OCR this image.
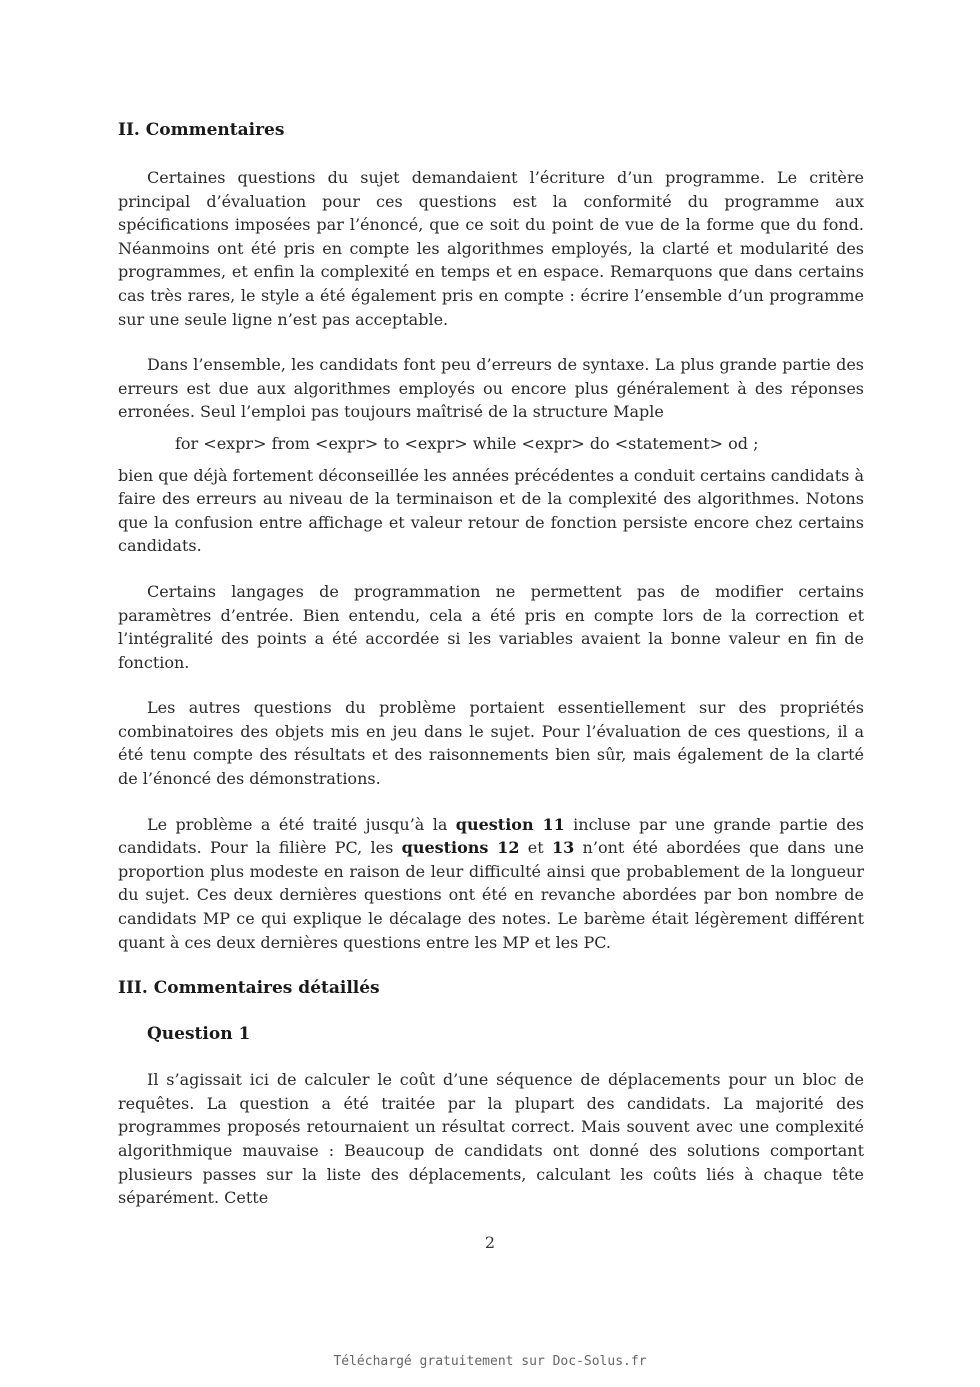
II. Commentaires

Certaines questions du sujet demandaient l’écriture d’un programme. Le critère principal d’évaluation pour ces questions est la conformité du programme aux spécifications imposées par l’énoncé, que ce soit du point de vue de la forme que du fond. Néanmoins ont été pris en compte les algorithmes employés, la clarté et modularité des programmes, et enfin la complexité en temps et en espace. Remarquons que dans certains cas très rares, le style a été également pris en compte : écrire l’ensemble d’un programme sur une seule ligne n’est pas acceptable.

Dans l’ensemble, les candidats font peu d’erreurs de syntaxe. La plus grande partie des erreurs est due aux algorithmes employés ou encore plus généralement à des réponses erronées. Seul l’emploi pas toujours maîtrisé de la structure Maple

for <expr> from <expr> to <expr> while <expr> do <statement> od ;

bien que déjà fortement déconseillée les années précédentes a conduit certains candidats à faire des erreurs au niveau de la terminaison et de la complexité des algorithmes. Notons que la confusion entre affichage et valeur retour de fonction persiste encore chez certains candidats.

Certains langages de programmation ne permettent pas de modifier certains paramètres d’entrée. Bien entendu, cela a été pris en compte lors de la correction et l’intégralité des points a été accordée si les variables avaient la bonne valeur en fin de fonction.

Les autres questions du problème portaient essentiellement sur des propriétés combinatoires des objets mis en jeu dans le sujet. Pour l’évaluation de ces questions, il a été tenu compte des résultats et des raisonnements bien sûr, mais également de la clarté de l’énoncé des démonstrations.

Le problème a été traité jusqu’à la question 11 incluse par une grande partie des candidats. Pour la filière PC, les questions 12 et 13 n’ont été abordées que dans une proportion plus modeste en raison de leur difficulté ainsi que probablement de la longueur du sujet. Ces deux dernières questions ont été en revanche abordées par bon nombre de candidats MP ce qui explique le décalage des notes. Le barème était légèrement différent quant à ces deux dernières questions entre les MP et les PC.

III. Commentaires détaillés
Question 1

Il s’agissait ici de calculer le coût d’une séquence de déplacements pour un bloc de requêtes. La question a été traitée par la plupart des candidats. La majorité des programmes proposés retournaient un résultat correct. Mais souvent avec une complexité algorithmique mauvaise : Beaucoup de candidats ont donné des solutions comportant plusieurs passes sur la liste des déplacements, calculant les coûts liés à chaque tête séparément. Cette

2
Téléchargé gratuitement sur Doc-Solus.fr
